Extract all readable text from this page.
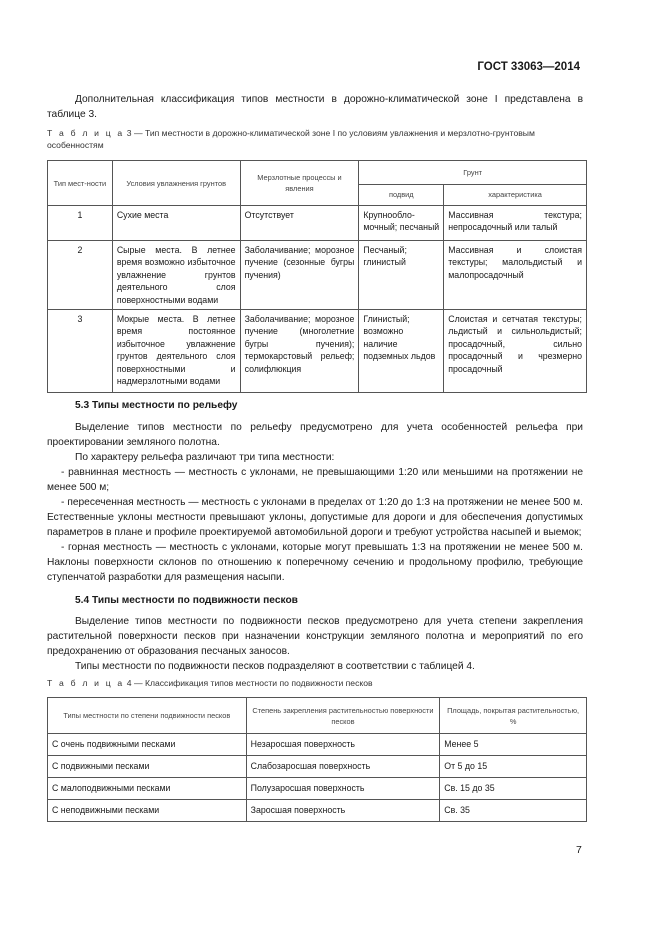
ГОСТ 33063—2014

Дополнительная классификация типов местности в дорожно-климатической зоне I представлена в таблице 3.

Т а б л и ц а 3 — Тип местности в дорожно-климатической зоне I по условиям увлажнения и мерзлотно-грунтовым особенностям

Тип мест-ности	Условия увлажнения грунтов	Мерзлотные процессы и явления	Грунт	
			подвид	характеристика
1	Сухие места	Отсутствует	Крупнообло-мочный; песчаный	Массивная текстура; непросадочный или талый
2	Сырые места. В летнее время возможно избыточное увлажнение грунтов деятельного слоя поверхностными водами	Заболачивание; морозное пучение (сезонные бугры пучения)	Песчаный; глинистый	Массивная и слоистая текстуры; малольдистый и малопросадочный
3	Мокрые места. В летнее время постоянное избыточное увлажнение грунтов деятельного слоя поверхностными и надмерзлотными водами	Заболачивание; морозное пучение (многолетние бугры пучения); термокарстовый рельеф; солифлюкция	Глинистый; возможно наличие подземных льдов	Слоистая и сетчатая текстуры; льдистый и сильнольдистый; просадочный, сильно просадочный и чрезмерно просадочный

5.3 Типы местности по рельефу

Выделение типов местности по рельефу предусмотрено для учета особенностей рельефа при проектировании земляного полотна.

По характеру рельефа различают три типа местности:

- равнинная местность — местность с уклонами, не превышающими 1:20 или меньшими на протяжении не менее 500 м;

- пересеченная местность — местность с уклонами в пределах от 1:20 до 1:3 на протяжении не менее 500 м. Естественные уклоны местности превышают уклоны, допустимые для дороги и для обеспечения допустимых параметров в плане и профиле проектируемой автомобильной дороги и требуют устройства насыпей и выемок;

- горная местность — местность с уклонами, которые могут превышать 1:3 на протяжении не менее 500 м. Наклоны поверхности склонов по отношению к поперечному сечению и продольному профилю, требующие ступенчатой разработки для размещения насыпи.

5.4 Типы местности по подвижности песков

Выделение типов местности по подвижности песков предусмотрено для учета степени закрепления растительной поверхности песков при назначении конструкции земляного полотна и мероприятий по его предохранению от образования песчаных заносов.

Типы местности по подвижности песков подразделяют в соответствии с таблицей 4.

Т а б л и ц а 4 — Классификация типов местности по подвижности песков

Типы местности по степени подвижности песков	Степень закрепления растительностью поверхности песков	Площадь, покрытая растительностью, %
С очень подвижными песками	Незаросшая поверхность	Менее 5
С подвижными песками	Слабозаросшая поверхность	От 5 до 15
С малоподвижными песками	Полузаросшая поверхность	Св. 15 до 35
С неподвижными песками	Заросшая поверхность	Св. 35
7
